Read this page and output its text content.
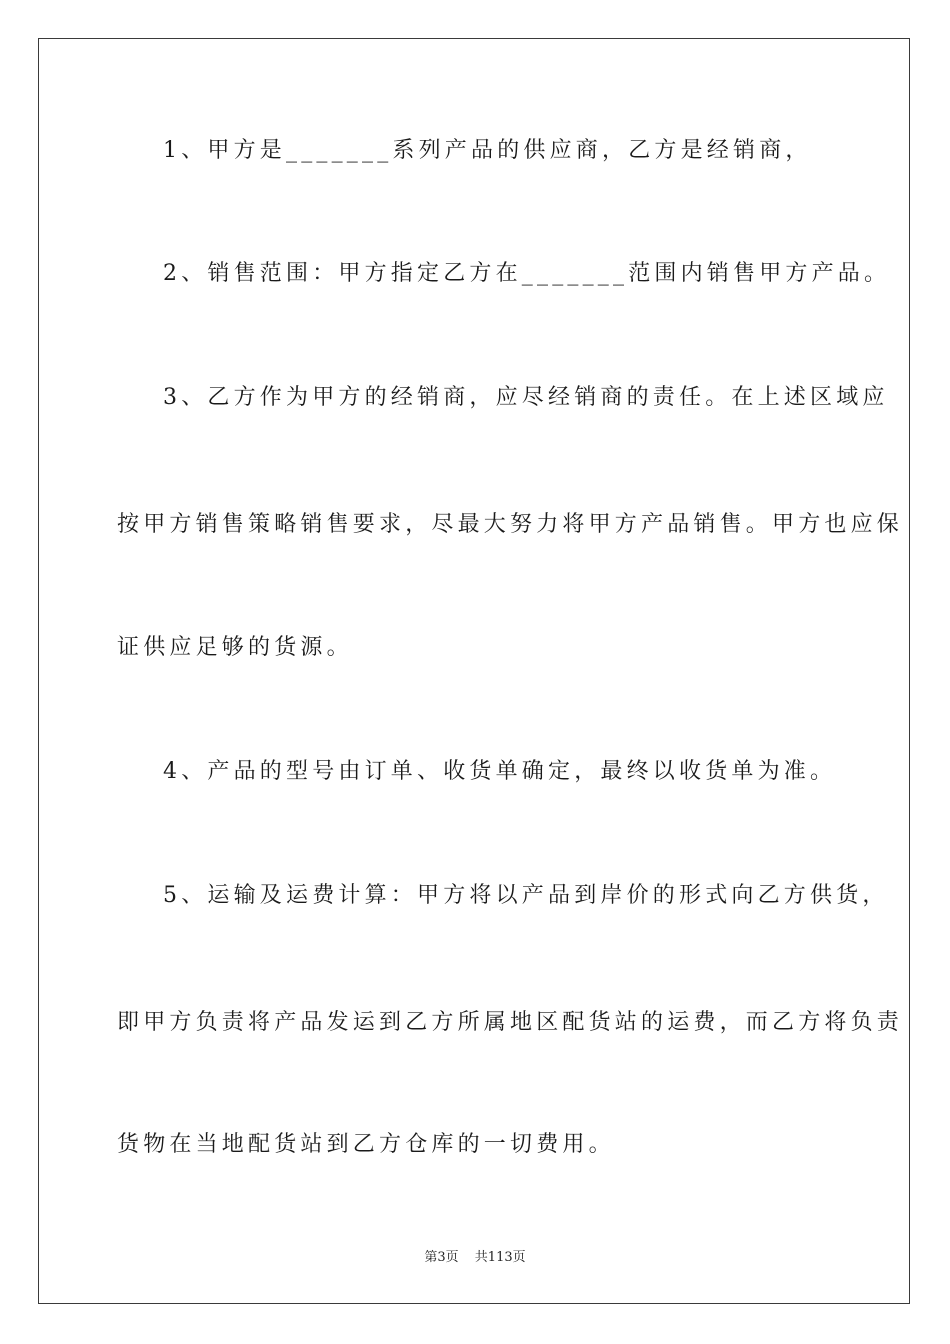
1、甲方是_______系列产品的供应商，乙方是经销商，
2、销售范围：甲方指定乙方在_______范围内销售甲方产品。
3、乙方作为甲方的经销商，应尽经销商的责任。在上述区域应
按甲方销售策略销售要求，尽最大努力将甲方产品销售。甲方也应保
证供应足够的货源。
4、产品的型号由订单、收货单确定，最终以收货单为准。
5、运输及运费计算：甲方将以产品到岸价的形式向乙方供货，
即甲方负责将产品发运到乙方所属地区配货站的运费，而乙方将负责
货物在当地配货站到乙方仓库的一切费用。
第3页 共113页
